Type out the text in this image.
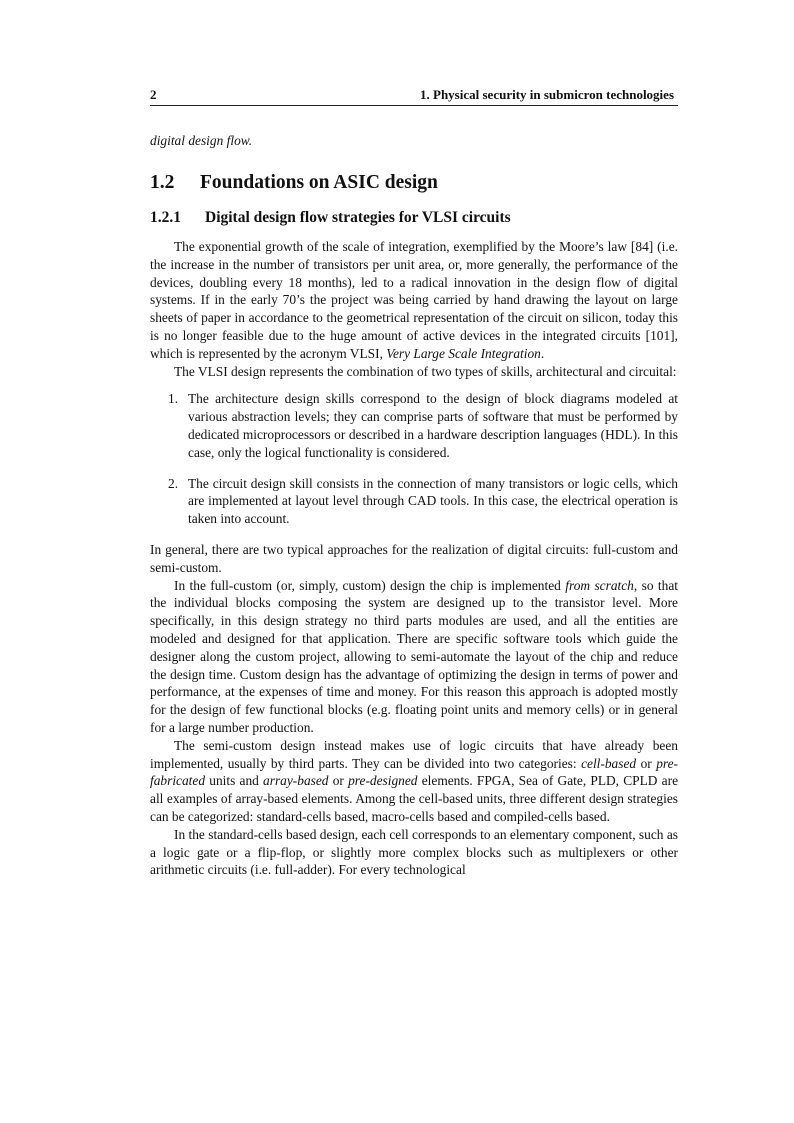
2	1. Physical security in submicron technologies
digital design flow.
1.2 Foundations on ASIC design
1.2.1 Digital design flow strategies for VLSI circuits

The exponential growth of the scale of integration, exemplified by the Moore’s law [84] (i.e. the increase in the number of transistors per unit area, or, more generally, the performance of the devices, doubling every 18 months), led to a radical innovation in the design flow of digital systems. If in the early 70’s the project was being carried by hand drawing the layout on large sheets of paper in accordance to the geometrical representation of the circuit on silicon, today this is no longer feasible due to the huge amount of active devices in the integrated circuits [101], which is represented by the acronym VLSI, Very Large Scale Integration.

The VLSI design represents the combination of two types of skills, architectural and circuital:

1. The architecture design skills correspond to the design of block diagrams modeled at various abstraction levels; they can comprise parts of software that must be performed by dedicated microprocessors or described in a hardware description languages (HDL). In this case, only the logical functionality is considered.
2. The circuit design skill consists in the connection of many transistors or logic cells, which are implemented at layout level through CAD tools. In this case, the electrical operation is taken into account.

In general, there are two typical approaches for the realization of digital circuits: full-custom and semi-custom.

In the full-custom (or, simply, custom) design the chip is implemented from scratch, so that the individual blocks composing the system are designed up to the transistor level. More specifically, in this design strategy no third parts modules are used, and all the entities are modeled and designed for that application. There are specific software tools which guide the designer along the custom project, allowing to semi-automate the layout of the chip and reduce the design time. Custom design has the advantage of optimizing the design in terms of power and performance, at the expenses of time and money. For this reason this approach is adopted mostly for the design of few functional blocks (e.g. floating point units and memory cells) or in general for a large number production.

The semi-custom design instead makes use of logic circuits that have already been implemented, usually by third parts. They can be divided into two categories: cell-based or pre-fabricated units and array-based or pre-designed elements. FPGA, Sea of Gate, PLD, CPLD are all examples of array-based elements. Among the cell-based units, three different design strategies can be categorized: standard-cells based, macro-cells based and compiled-cells based.

In the standard-cells based design, each cell corresponds to an elementary component, such as a logic gate or a flip-flop, or slightly more complex blocks such as multiplexers or other arithmetic circuits (i.e. full-adder). For every technological
